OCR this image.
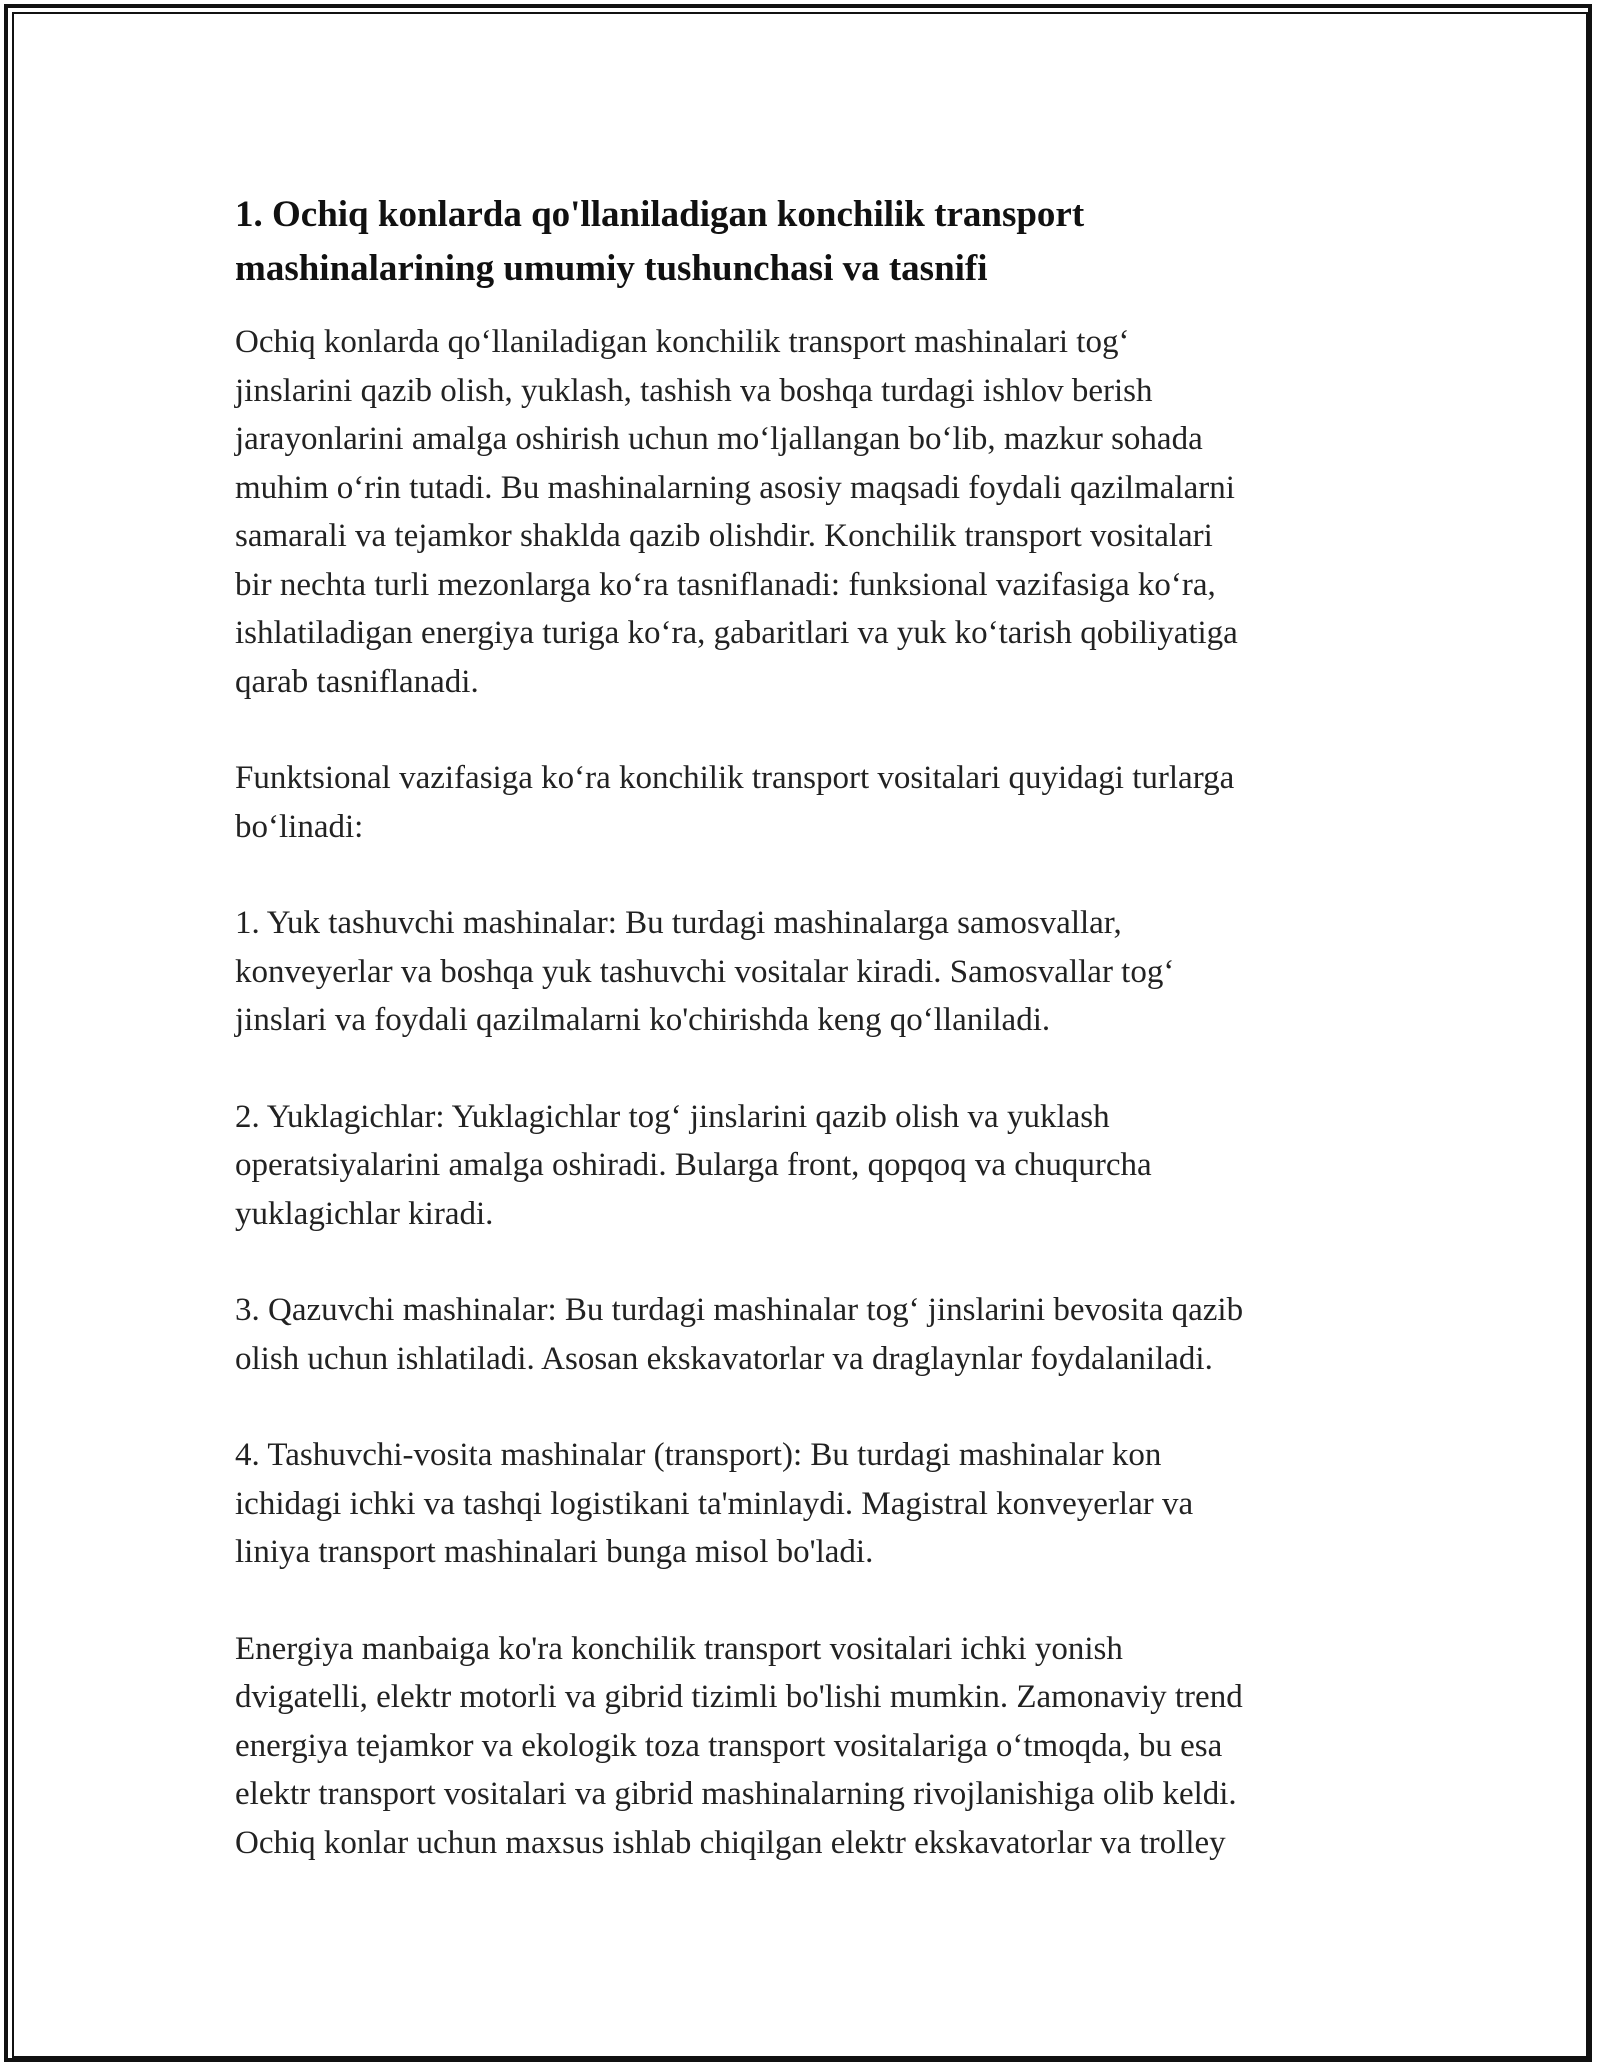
1. Ochiq konlarda qo'llaniladigan konchilik transport
mashinalarining umumiy tushunchasi va tasnifi

Ochiq konlarda qo‘llaniladigan konchilik transport mashinalari tog‘
jinslarini qazib olish, yuklash, tashish va boshqa turdagi ishlov berish
jarayonlarini amalga oshirish uchun mo‘ljallangan bo‘lib, mazkur sohada
muhim o‘rin tutadi. Bu mashinalarning asosiy maqsadi foydali qazilmalarni
samarali va tejamkor shaklda qazib olishdir. Konchilik transport vositalari
bir nechta turli mezonlarga ko‘ra tasniflanadi: funksional vazifasiga ko‘ra,
ishlatiladigan energiya turiga ko‘ra, gabaritlari va yuk ko‘tarish qobiliyatiga
qarab tasniflanadi.

Funktsional vazifasiga ko‘ra konchilik transport vositalari quyidagi turlarga
bo‘linadi:

1. Yuk tashuvchi mashinalar: Bu turdagi mashinalarga samosvallar,
konveyerlar va boshqa yuk tashuvchi vositalar kiradi. Samosvallar tog‘
jinslari va foydali qazilmalarni ko'chirishda keng qo‘llaniladi.

2. Yuklagichlar: Yuklagichlar tog‘ jinslarini qazib olish va yuklash
operatsiyalarini amalga oshiradi. Bularga front, qopqoq va chuqurcha
yuklagichlar kiradi.

3. Qazuvchi mashinalar: Bu turdagi mashinalar tog‘ jinslarini bevosita qazib
olish uchun ishlatiladi. Asosan ekskavatorlar va draglaynlar foydalaniladi.

4. Tashuvchi-vosita mashinalar (transport): Bu turdagi mashinalar kon
ichidagi ichki va tashqi logistikani ta'minlaydi. Magistral konveyerlar va
liniya transport mashinalari bunga misol bo'ladi.

Energiya manbaiga ko'ra konchilik transport vositalari ichki yonish
dvigatelli, elektr motorli va gibrid tizimli bo'lishi mumkin. Zamonaviy trend
energiya tejamkor va ekologik toza transport vositalariga o‘tmoqda, bu esa
elektr transport vositalari va gibrid mashinalarning rivojlanishiga olib keldi.
Ochiq konlar uchun maxsus ishlab chiqilgan elektr ekskavatorlar va trolley
